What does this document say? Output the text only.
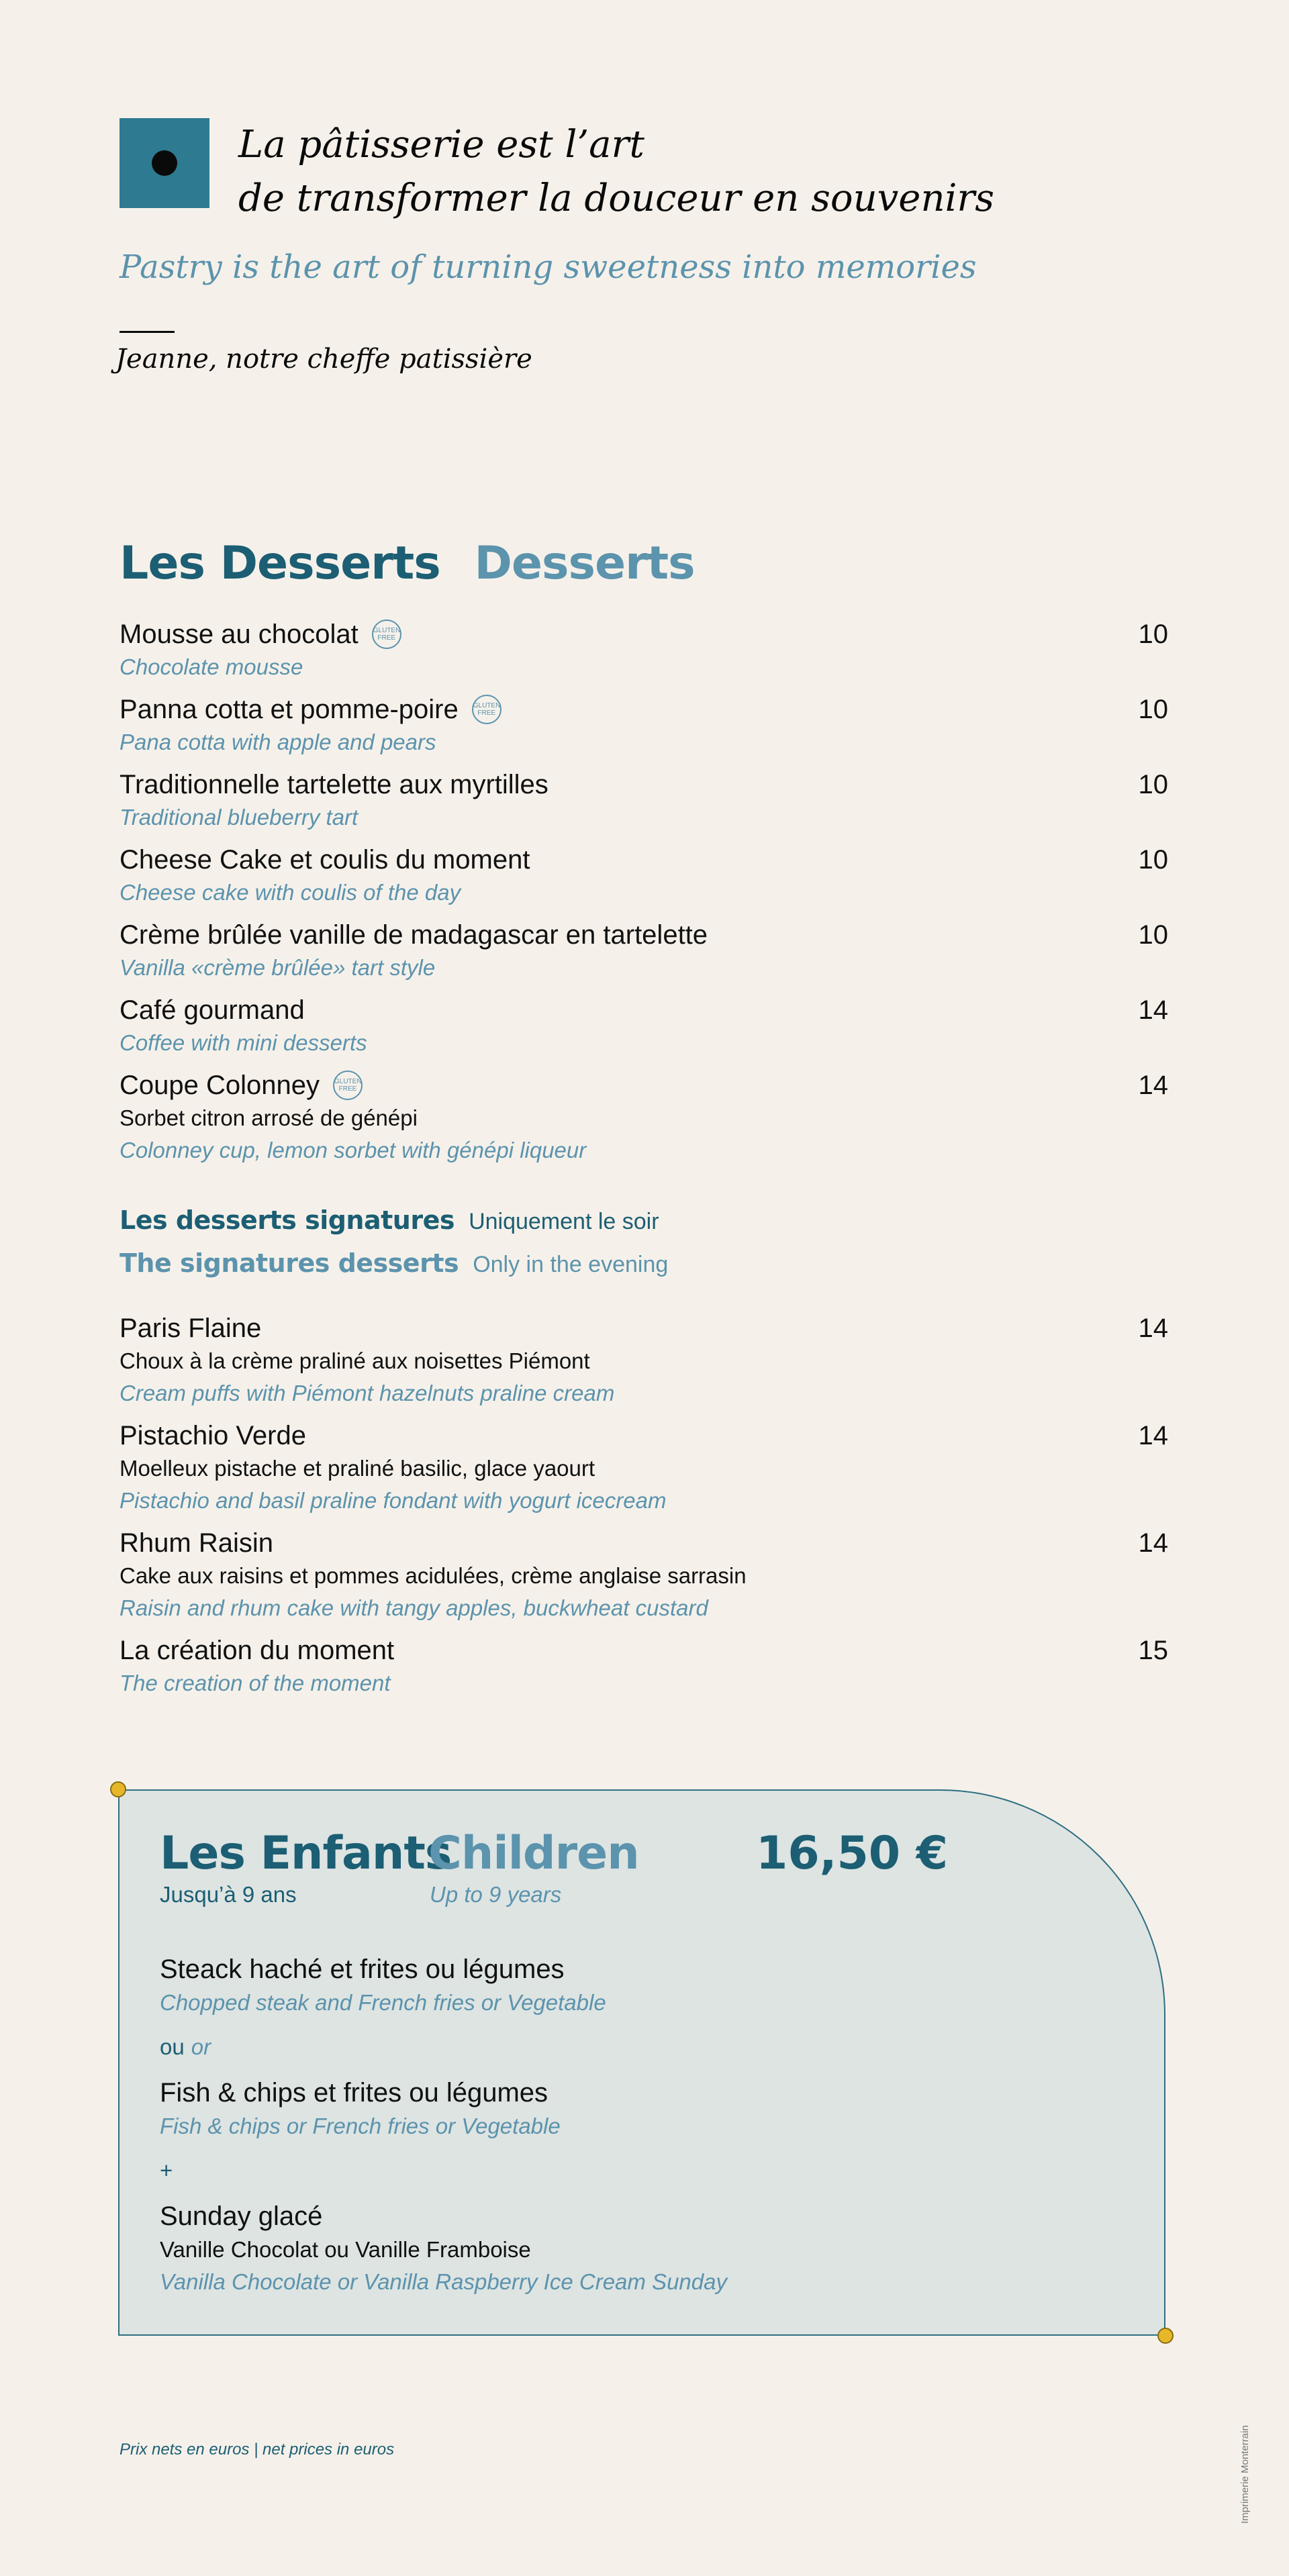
La pâtisserie est l’art
de transformer la douceur en souvenirs
Pastry is the art of turning sweetness into memories
Jeanne, notre cheffe patissière
Les Desserts Desserts
Mousse au chocolat GLUTEN FREE
Chocolate mousse
10
Panna cotta et pomme-poire GLUTEN FREE
Pana cotta with apple and pears
10
Traditionnelle tartelette aux myrtilles
Traditional blueberry tart
10
Cheese Cake et coulis du moment
Cheese cake with coulis of the day
10
Crème brûlée vanille de madagascar en tartelette
Vanilla «crème brûlée» tart style
10
Café gourmand
Coffee with mini desserts
14
Coupe Colonney GLUTEN FREE
Sorbet citron arrosé de génépi
Colonney cup, lemon sorbet with génépi liqueur
14
Les desserts signatures Uniquement le soir
The signatures desserts Only in the evening
Paris Flaine
Choux à la crème praliné aux noisettes Piémont
Cream puffs with Piémont hazelnuts praline cream
14
Pistachio Verde
Moelleux pistache et praliné basilic, glace yaourt
Pistachio and basil praline fondant with yogurt icecream
14
Rhum Raisin
Cake aux raisins et pommes acidulées, crème anglaise sarrasin
Raisin and rhum cake with tangy apples, buckwheat custard
14
La création du moment
The creation of the moment
15
Les Enfants
Children	16,50 €
Jusqu’à 9 ans	Up to 9 years
Steack haché et frites ou légumes
Chopped steak and French fries or Vegetable
ou or
Fish & chips et frites ou légumes
Fish & chips or French fries or Vegetable
+
Sunday glacé
Vanille Chocolat ou Vanille Framboise
Vanilla Chocolate or Vanilla Raspberry Ice Cream Sunday
Prix nets en euros | net prices in euros	Imprimerie Monterrain
